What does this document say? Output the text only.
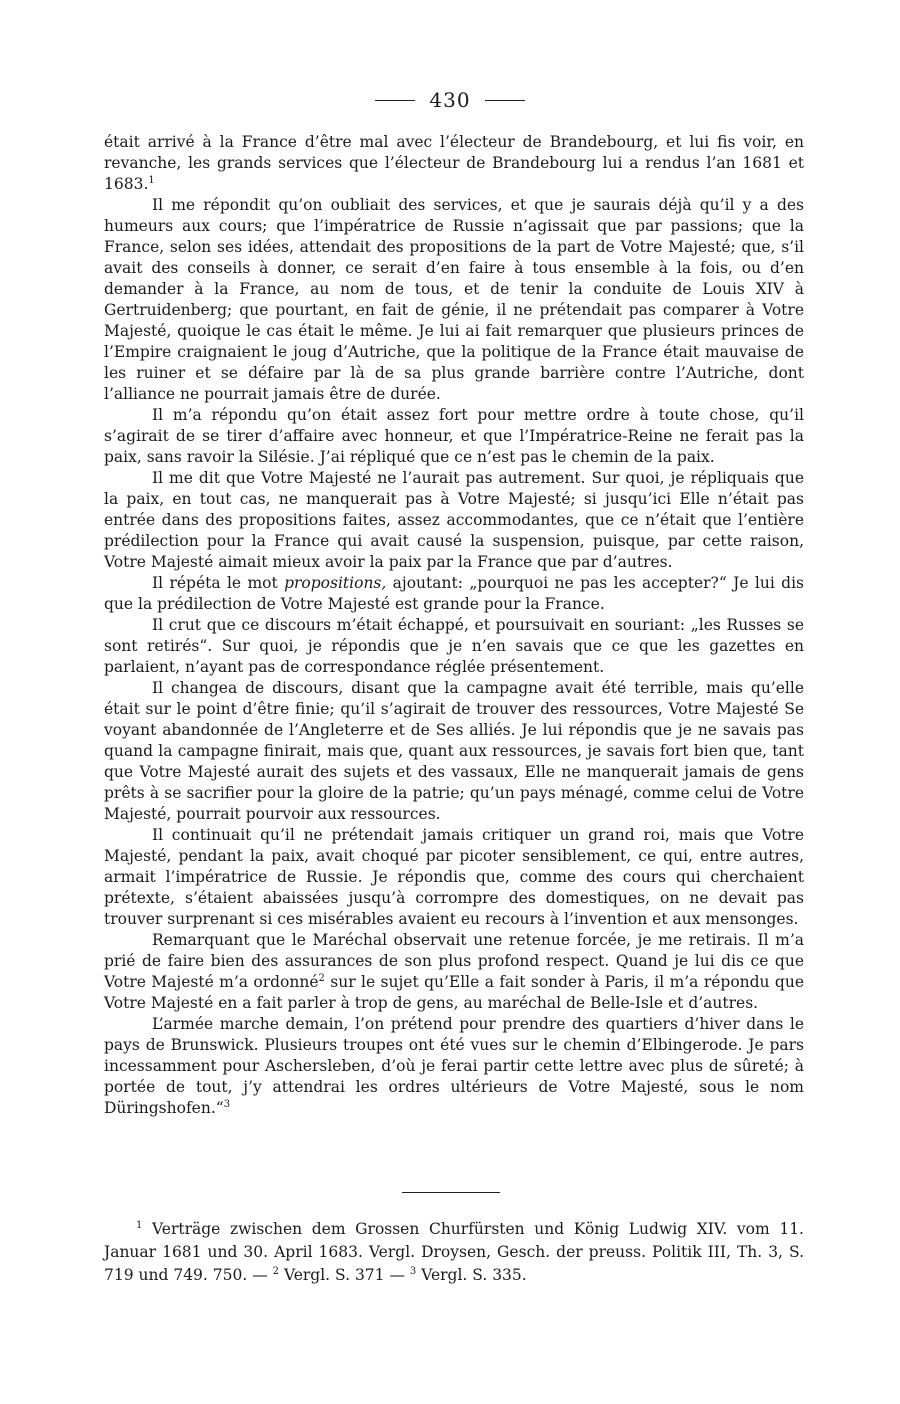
430

était arrivé à la France d’être mal avec l’électeur de Brandebourg, et lui fis voir, en revanche, les grands services que l’électeur de Brandebourg lui a rendus l’an 1681 et 1683.$^1$

Il me répondit qu’on oubliait des services, et que je saurais déjà qu’il y a des humeurs aux cours; que l’impératrice de Russie n’agissait que par passions; que la France, selon ses idées, attendait des propositions de la part de Votre Majesté; que, s’il avait des conseils à donner, ce serait d’en faire à tous ensemble à la fois, ou d’en demander à la France, au nom de tous, et de tenir la conduite de Louis XIV à Gertruidenberg; que pourtant, en fait de génie, il ne prétendait pas comparer à Votre Majesté, quoique le cas était le même. Je lui ai fait remarquer que plusieurs princes de l’Empire craignaient le joug d’Autriche, que la politique de la France était mauvaise de les ruiner et se défaire par là de sa plus grande barrière contre l’Autriche, dont l’alliance ne pourrait jamais être de durée.

Il m’a répondu qu’on était assez fort pour mettre ordre à toute chose, qu’il s’agirait de se tirer d’affaire avec honneur, et que l’Impératrice-Reine ne ferait pas la paix, sans ravoir la Silésie. J’ai répliqué que ce n’est pas le chemin de la paix.

Il me dit que Votre Majesté ne l’aurait pas autrement. Sur quoi, je répliquais que la paix, en tout cas, ne manquerait pas à Votre Majesté; si jusqu’ici Elle n’était pas entrée dans des propositions faites, assez accommodantes, que ce n’était que l’entière prédilection pour la France qui avait causé la suspension, puisque, par cette raison, Votre Majesté aimait mieux avoir la paix par la France que par d’autres.

Il répéta le mot propositions, ajoutant: „pourquoi ne pas les accepter?“ Je lui dis que la prédilection de Votre Majesté est grande pour la France.

Il crut que ce discours m’était échappé, et poursuivait en souriant: „les Russes se sont retirés“. Sur quoi, je répondis que je n’en savais que ce que les gazettes en parlaient, n’ayant pas de correspondance réglée présentement.

Il changea de discours, disant que la campagne avait été terrible, mais qu’elle était sur le point d’être finie; qu’il s’agirait de trouver des ressources, Votre Majesté Se voyant abandonnée de l’Angleterre et de Ses alliés. Je lui répondis que je ne savais pas quand la campagne finirait, mais que, quant aux ressources, je savais fort bien que, tant que Votre Majesté aurait des sujets et des vassaux, Elle ne manquerait jamais de gens prêts à se sacrifier pour la gloire de la patrie; qu’un pays ménagé, comme celui de Votre Majesté, pourrait pourvoir aux ressources.

Il continuait qu’il ne prétendait jamais critiquer un grand roi, mais que Votre Majesté, pendant la paix, avait choqué par picoter sensiblement, ce qui, entre autres, armait l’impératrice de Russie. Je répondis que, comme des cours qui cherchaient prétexte, s’étaient abaissées jusqu’à corrompre des domestiques, on ne devait pas trouver surprenant si ces misérables avaient eu recours à l’invention et aux mensonges.

Remarquant que le Maréchal observait une retenue forcée, je me retirais. Il m’a prié de faire bien des assurances de son plus profond respect. Quand je lui dis ce que Votre Majesté m’a ordonné$^2$ sur le sujet qu’Elle a fait sonder à Paris, il m’a répondu que Votre Majesté en a fait parler à trop de gens, au maréchal de Belle-Isle et d’autres.

L’armée marche demain, l’on prétend pour prendre des quartiers d’hiver dans le pays de Brunswick. Plusieurs troupes ont été vues sur le chemin d’Elbingerode. Je pars incessamment pour Aschersleben, d’où je ferai partir cette lettre avec plus de sûreté; à portée de tout, j’y attendrai les ordres ultérieurs de Votre Majesté, sous le nom Düringshofen.“$^3$

$^1$ Verträge zwischen dem Grossen Churfürsten und König Ludwig XIV. vom 11. Januar 1681 und 30. April 1683. Vergl. Droysen, Gesch. der preuss. Politik III, Th. 3, S. 719 und 749. 750. — $^2$ Vergl. S. 371 — $^3$ Vergl. S. 335.
